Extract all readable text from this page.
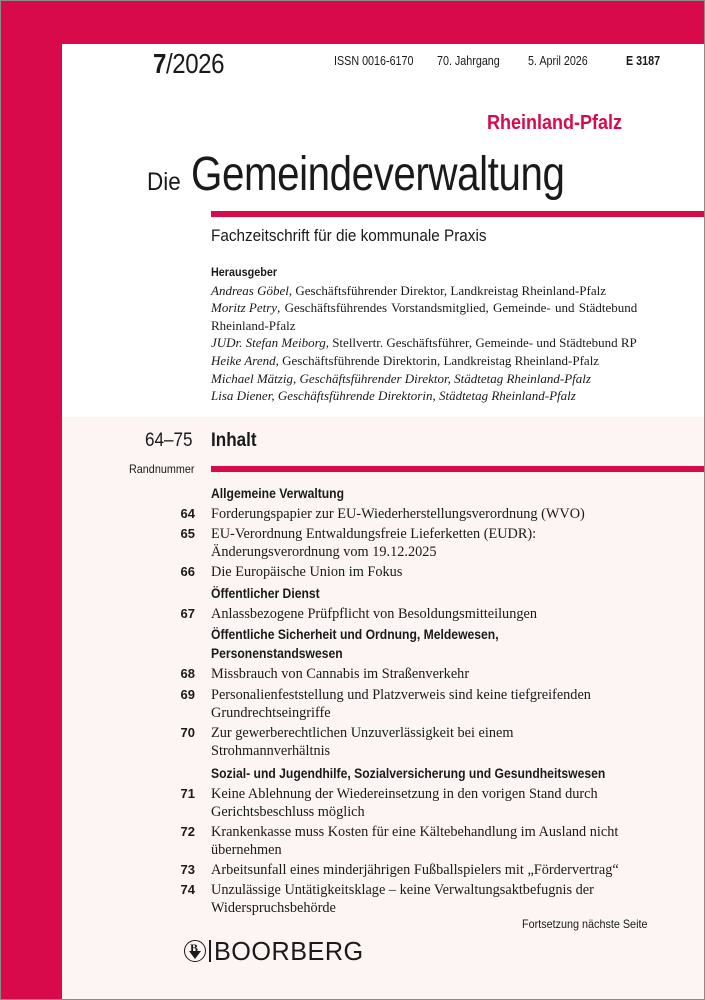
7/2026	ISSN 0016-6170 70. Jahrgang 5. April 2026	E 3187
Rheinland-Pfalz
Die Gemeindeverwaltung
Fachzeitschrift für die kommunale Praxis
Herausgeber
Andreas Göbel, Geschäftsführender Direktor, Landkreistag Rheinland-Pfalz
Moritz Petry, Geschäftsführendes Vorstandsmitglied, Gemeinde- und Städtebund Rheinland-Pfalz
JUDr. Stefan Meiborg, Stellvertr. Geschäftsführer, Gemeinde- und Städtebund RP
Heike Arend, Geschäftsführende Direktorin, Landkreistag Rheinland-Pfalz
Michael Mätzig, Geschäftsführender Direktor, Städtetag Rheinland-Pfalz
Lisa Diener, Geschäftsführende Direktorin, Städtetag Rheinland-Pfalz
64–75
Randnummer
Inhalt
Allgemeine Verwaltung
64 Forderungspapier zur EU-Wiederherstellungsverordnung (WVO)
65 EU-Verordnung Entwaldungsfreie Lieferketten (EUDR): Änderungsverordnung vom 19.12.2025
66 Die Europäische Union im Fokus
Öffentlicher Dienst
67 Anlassbezogene Prüfpflicht von Besoldungsmitteilungen
Öffentliche Sicherheit und Ordnung, Meldewesen,
Personenstandswesen
68 Missbrauch von Cannabis im Straßenverkehr
69 Personalienfeststellung und Platzverweis sind keine tiefgreifenden Grundrechtseingriffe
70 Zur gewerberechtlichen Unzuverlässigkeit bei einem Strohmannverhältnis
Sozial- und Jugendhilfe, Sozialversicherung und Gesundheitswesen
71 Keine Ablehnung der Wiedereinsetzung in den vorigen Stand durch Gerichtsbeschluss möglich
72 Krankenkasse muss Kosten für eine Kältebehandlung im Ausland nicht übernehmen
73 Arbeitsunfall eines minderjährigen Fußballspielers mit „Fördervertrag“
74 Unzulässige Untätigkeitsklage – keine Verwaltungsaktbefugnis der Widerspruchsbehörde
Fortsetzung nächste Seite
B BOORBERG
